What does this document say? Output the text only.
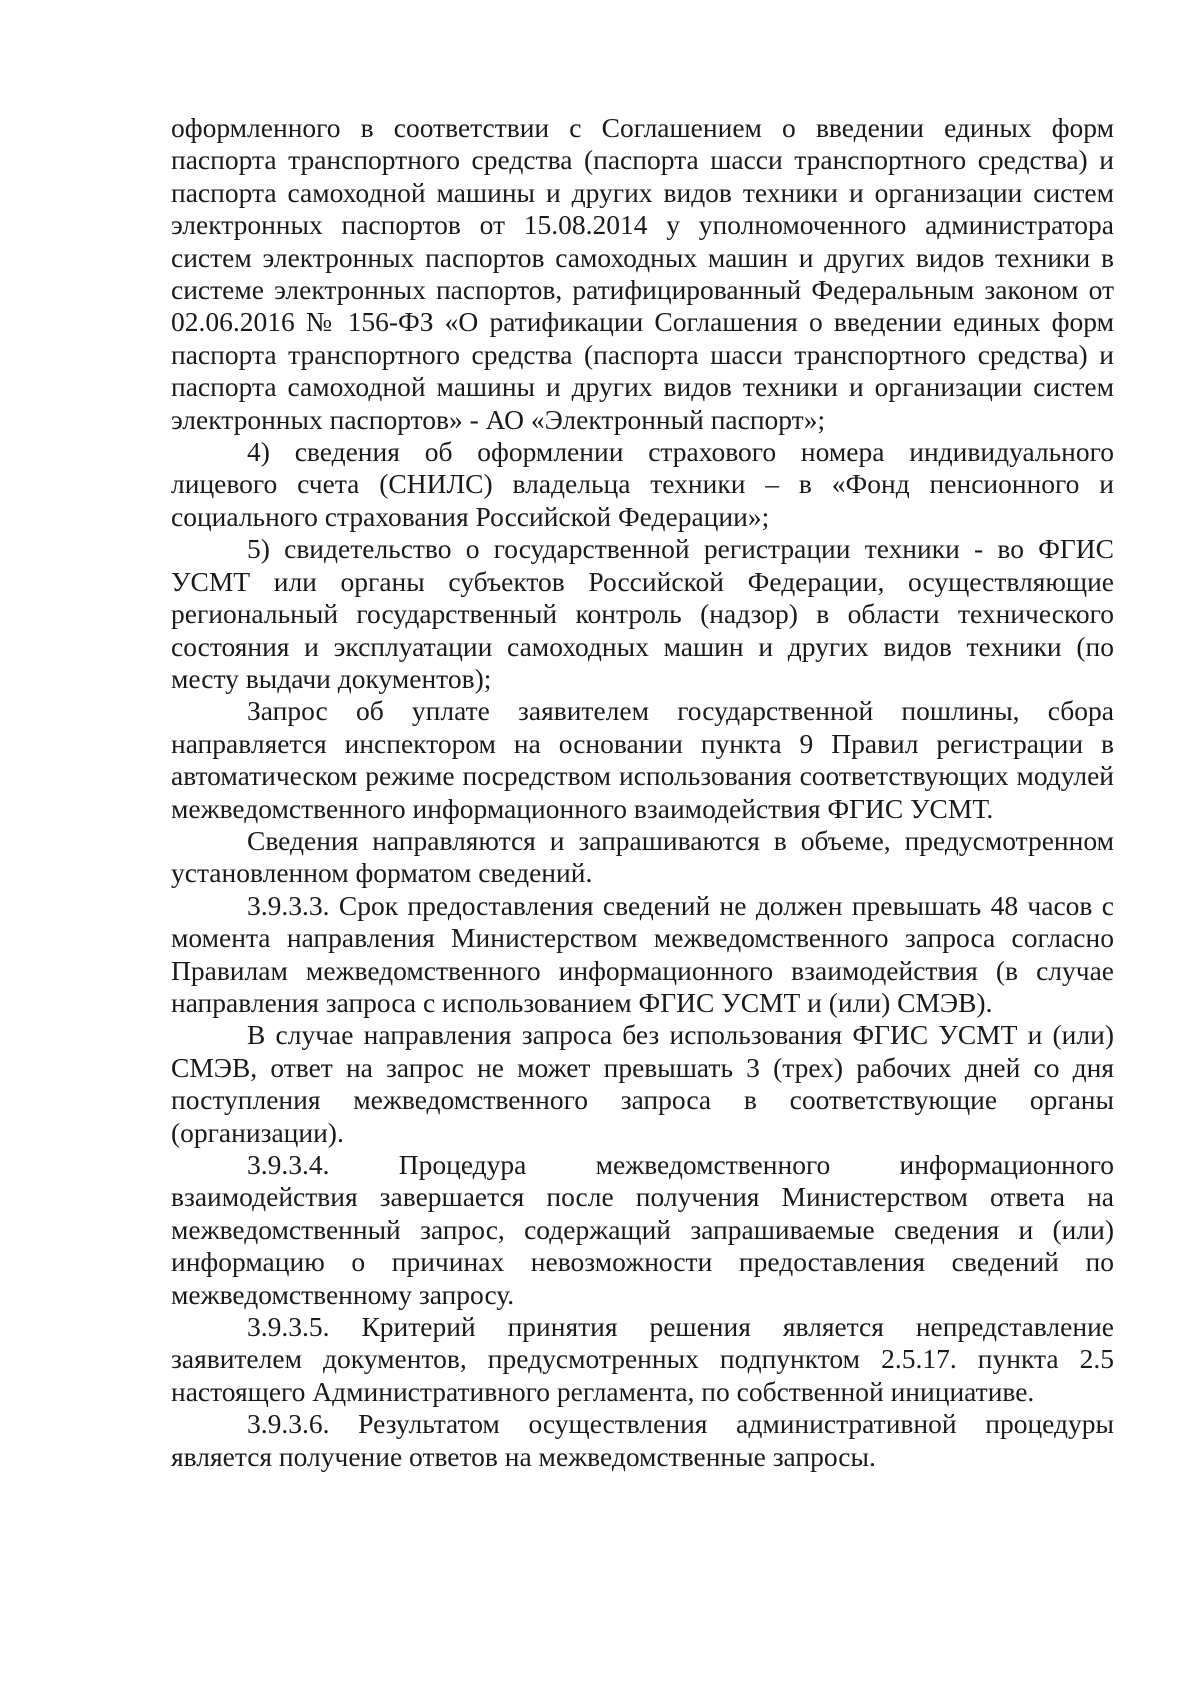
оформленного в соответствии с Соглашением о введении единых форм паспорта транспортного средства (паспорта шасси транспортного средства) и паспорта самоходной машины и других видов техники и организации систем электронных паспортов от 15.08.2014 у уполномоченного администратора систем электронных паспортов самоходных машин и других видов техники в системе электронных паспортов, ратифицированный Федеральным законом от 02.06.2016 № 156-ФЗ «О ратификации Соглашения о введении единых форм паспорта транспортного средства (паспорта шасси транспортного средства) и паспорта самоходной машины и других видов техники и организации систем электронных паспортов» - АО «Электронный паспорт»;

4) сведения об оформлении страхового номера индивидуального лицевого счета (СНИЛС) владельца техники – в «Фонд пенсионного и социального страхования Российской Федерации»;

5) свидетельство о государственной регистрации техники - во ФГИС УСМТ или органы субъектов Российской Федерации, осуществляющие региональный государственный контроль (надзор) в области технического состояния и эксплуатации самоходных машин и других видов техники (по месту выдачи документов);

Запрос об уплате заявителем государственной пошлины, сбора направляется инспектором на основании пункта 9 Правил регистрации в автоматическом режиме посредством использования соответствующих модулей межведомственного информационного взаимодействия ФГИС УСМТ.

Сведения направляются и запрашиваются в объеме, предусмотренном установленном форматом сведений.

3.9.3.3. Срок предоставления сведений не должен превышать 48 часов с момента направления Министерством межведомственного запроса согласно Правилам межведомственного информационного взаимодействия (в случае направления запроса с использованием ФГИС УСМТ и (или) СМЭВ).

В случае направления запроса без использования ФГИС УСМТ и (или) СМЭВ, ответ на запрос не может превышать 3 (трех) рабочих дней со дня поступления межведомственного запроса в соответствующие органы (организации).

3.9.3.4. Процедура межведомственного информационного взаимодействия завершается после получения Министерством ответа на межведомственный запрос, содержащий запрашиваемые сведения и (или) информацию о причинах невозможности предоставления сведений по межведомственному запросу.

3.9.3.5. Критерий принятия решения является непредставление заявителем документов, предусмотренных подпунктом 2.5.17. пункта 2.5 настоящего Административного регламента, по собственной инициативе.

3.9.3.6. Результатом осуществления административной процедуры является получение ответов на межведомственные запросы.
